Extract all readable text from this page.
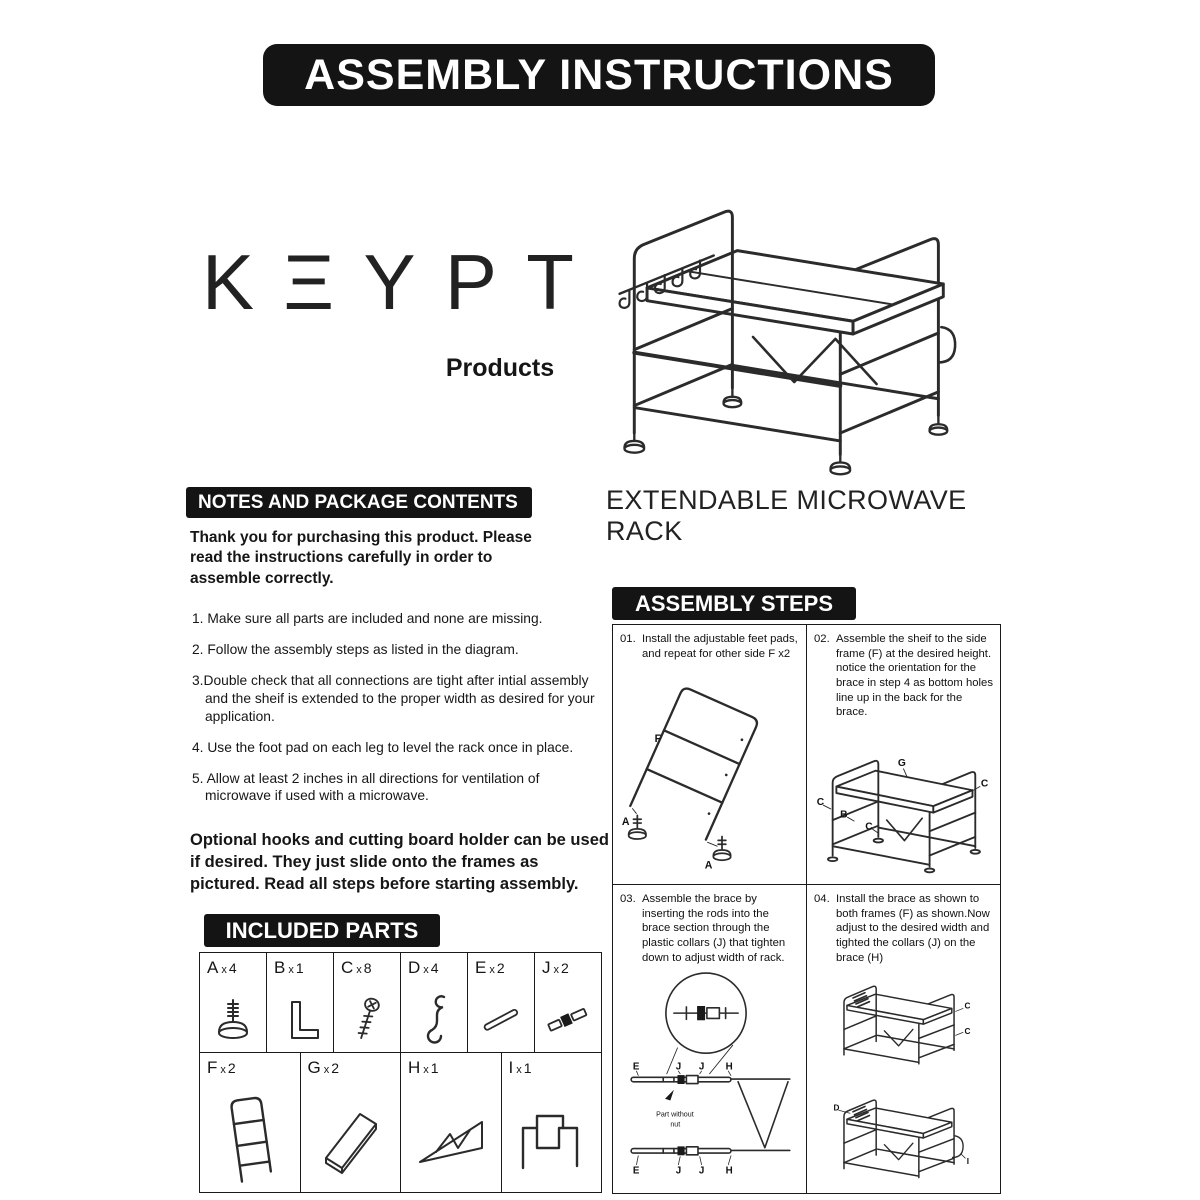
ASSEMBLY INSTRUCTIONS
K Ξ Y P T
Products
EXTENDABLE MICROWAVE RACK
NOTES AND PACKAGE CONTENTS
Thank you for purchasing this product. Please read the instructions carefully in order to assemble correctly.

1. Make sure all parts are included and none are missing.

2. Follow the assembly steps as listed in the diagram.

3.Double check that all connections are tight after intial assembly and the sheif is extended to the proper width as desired for your application.

4. Use the foot pad on each leg to level the rack once in place.

5. Allow at least 2 inches in all directions for ventilation of microwave if used with a microwave.

Optional hooks and cutting board holder can be used if desired. They just slide onto the frames as pictured. Read all steps before starting assembly.
INCLUDED PARTS
Ax 4 Bx 1 Cx 8 Dx 4 Ex 2 Jx 2
Fx 2	Gx 2	Hx 1	Ix 1
ASSEMBLY STEPS
01. Install the adjustable feet pads, and repeat for other side F x2
F
A
A
02. Assemble the sheif to the side frame (F) at the desired height. notice the orientation for the brace in step 4 as bottom holes line up in the back for the brace.
G
C
C
B
C
03. Assemble the brace by inserting the rods into the brace section through the plastic collars (J) that tighten down to adjust width of rack.
E	J J H
Part without
nut
E	J J H
04. Install the brace as shown to both frames (F) as shown.Now adjust to the desired width and tighted the collars (J) on the brace (H)
C
C
D
I
